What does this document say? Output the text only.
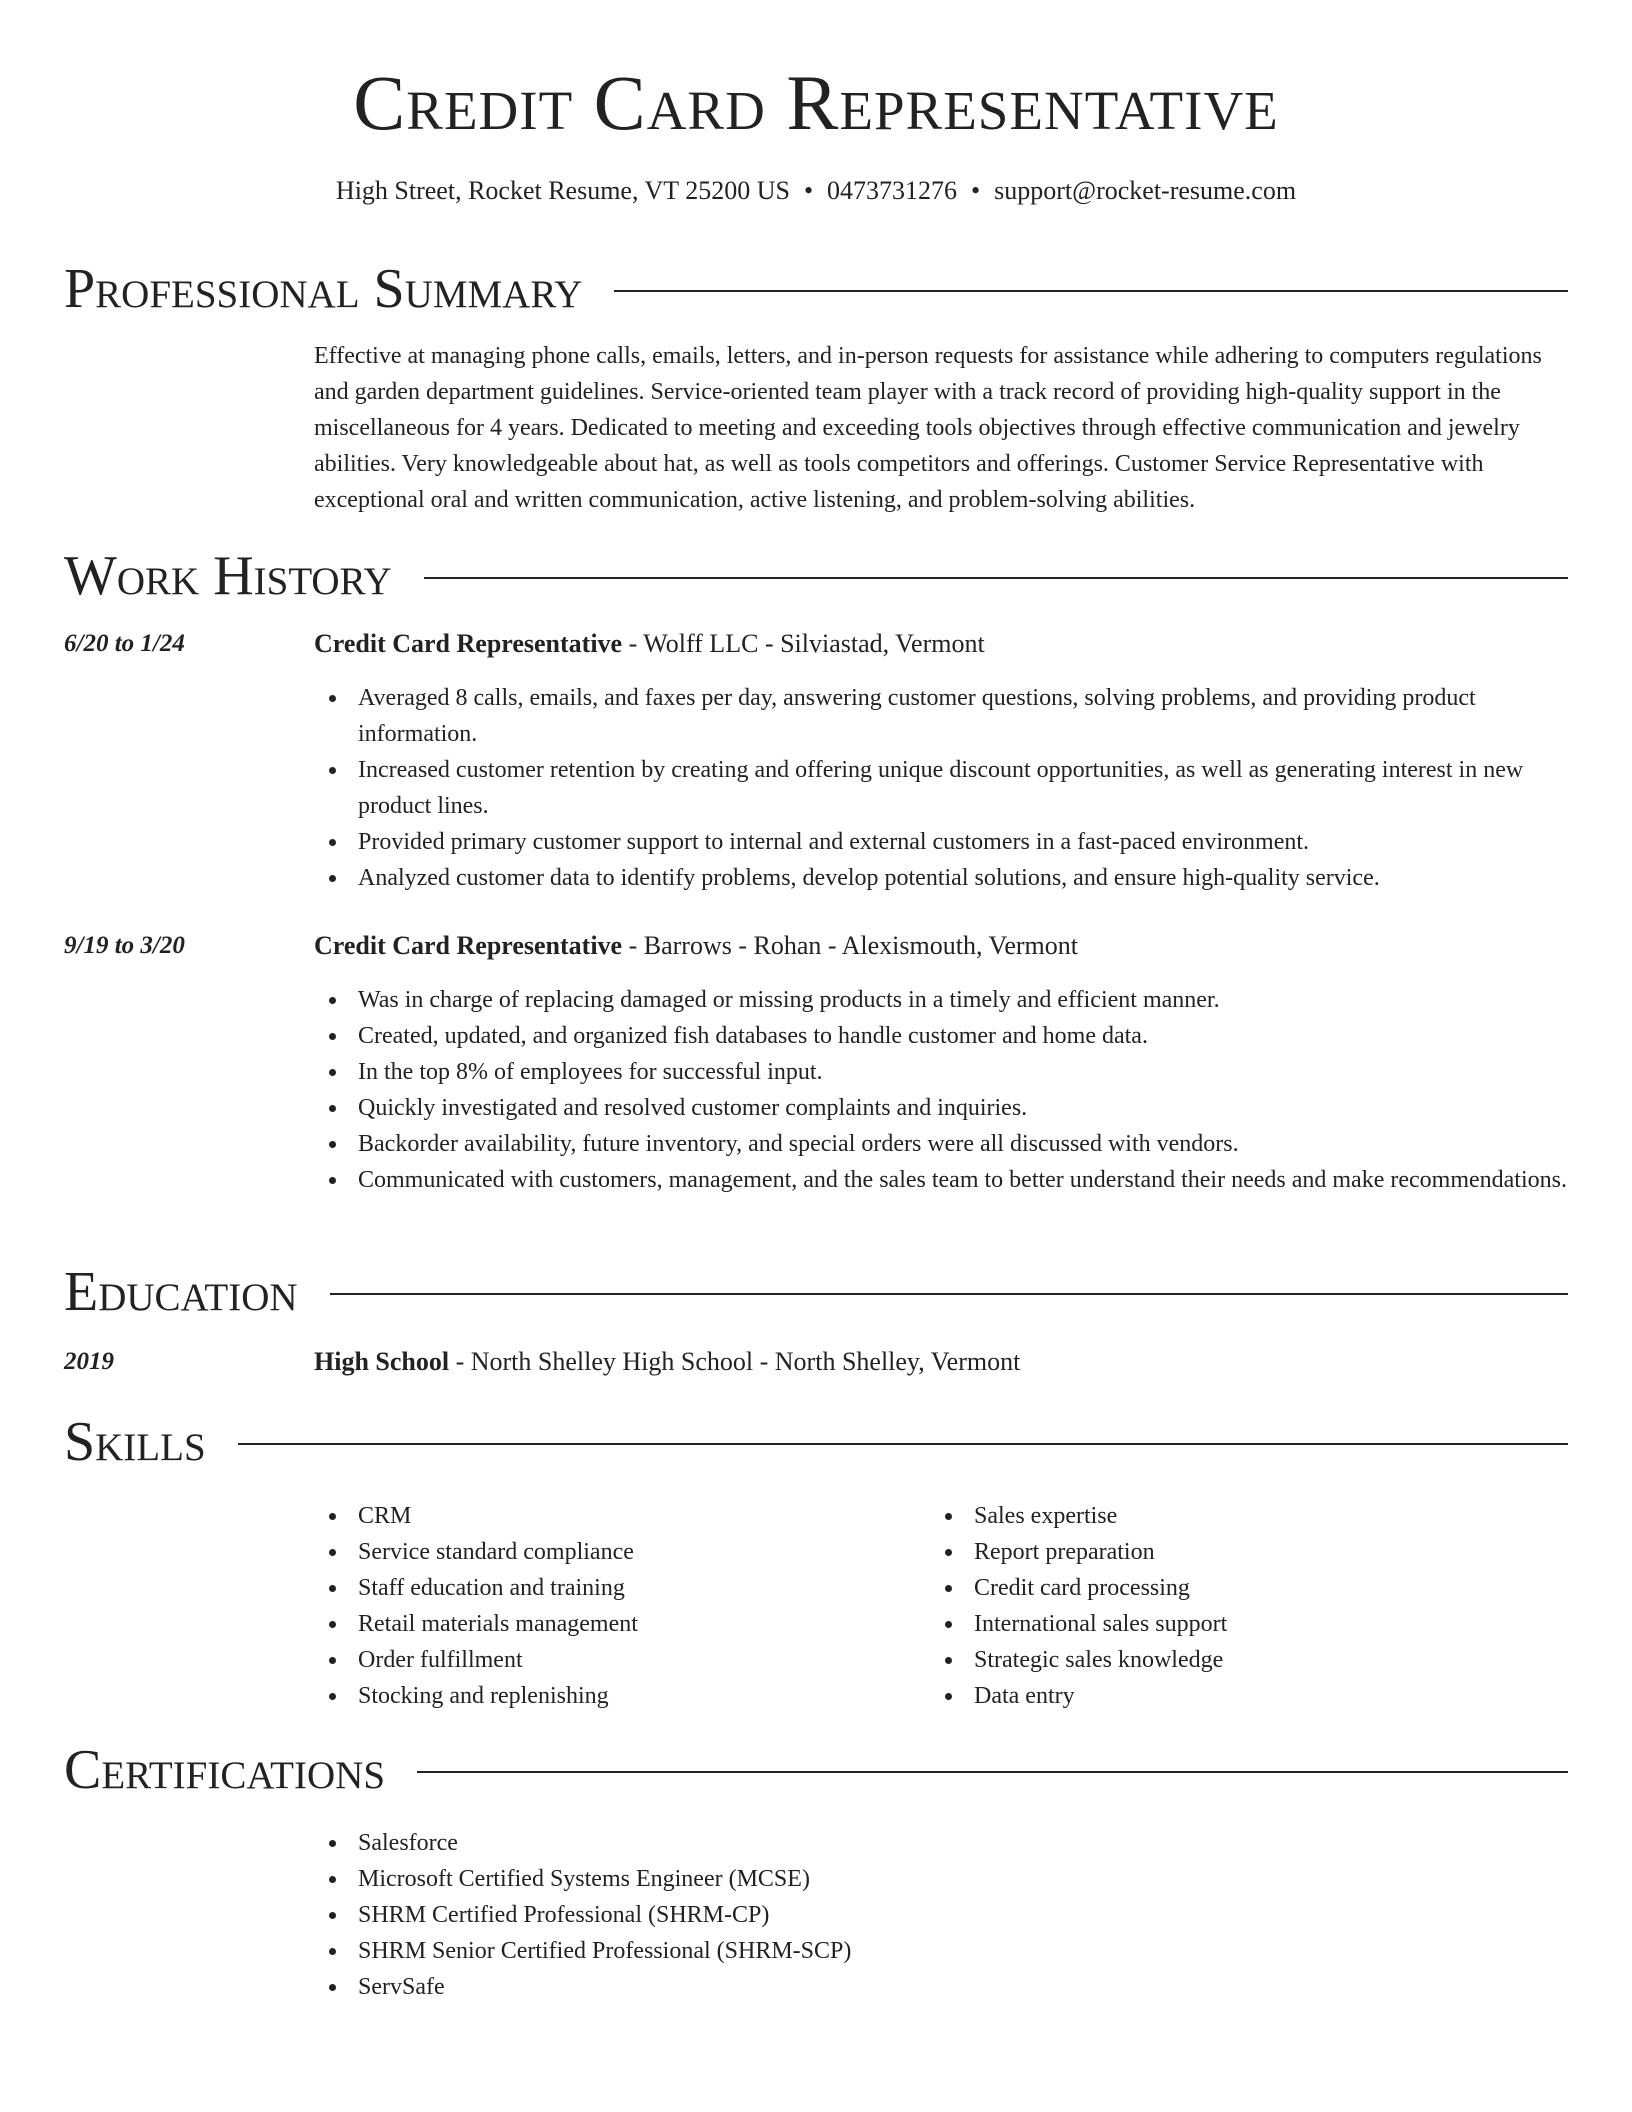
Credit Card Representative
High Street, Rocket Resume, VT 25200 US • 0473731276 • support@rocket-resume.com
Professional Summary

Effective at managing phone calls, emails, letters, and in-person requests for assistance while adhering to computers regulations and garden department guidelines. Service-oriented team player with a track record of providing high-quality support in the miscellaneous for 4 years. Dedicated to meeting and exceeding tools objectives through effective communication and jewelry abilities. Very knowledgeable about hat, as well as tools competitors and offerings. Customer Service Representative with exceptional oral and written communication, active listening, and problem-solving abilities.

Work History
6/20 to 1/24	Credit Card Representative - Wolff LLC - Silviastad, Vermont
Averaged 8 calls, emails, and faxes per day, answering customer questions, solving problems, and providing product information.
Increased customer retention by creating and offering unique discount opportunities, as well as generating interest in new product lines.
Provided primary customer support to internal and external customers in a fast-paced environment.
Analyzed customer data to identify problems, develop potential solutions, and ensure high-quality service.
9/19 to 3/20	Credit Card Representative - Barrows - Rohan - Alexismouth, Vermont
Was in charge of replacing damaged or missing products in a timely and efficient manner.
Created, updated, and organized fish databases to handle customer and home data.
In the top 8% of employees for successful input.
Quickly investigated and resolved customer complaints and inquiries.
Backorder availability, future inventory, and special orders were all discussed with vendors.
Communicated with customers, management, and the sales team to better understand their needs and make recommendations.
Education
2019	High School - North Shelley High School - North Shelley, Vermont
Skills
CRM
Service standard compliance
Staff education and training
Retail materials management
Order fulfillment
Stocking and replenishing
Sales expertise
Report preparation
Credit card processing
International sales support
Strategic sales knowledge
Data entry
Certifications
Salesforce
Microsoft Certified Systems Engineer (MCSE)
SHRM Certified Professional (SHRM-CP)
SHRM Senior Certified Professional (SHRM-SCP)
ServSafe
